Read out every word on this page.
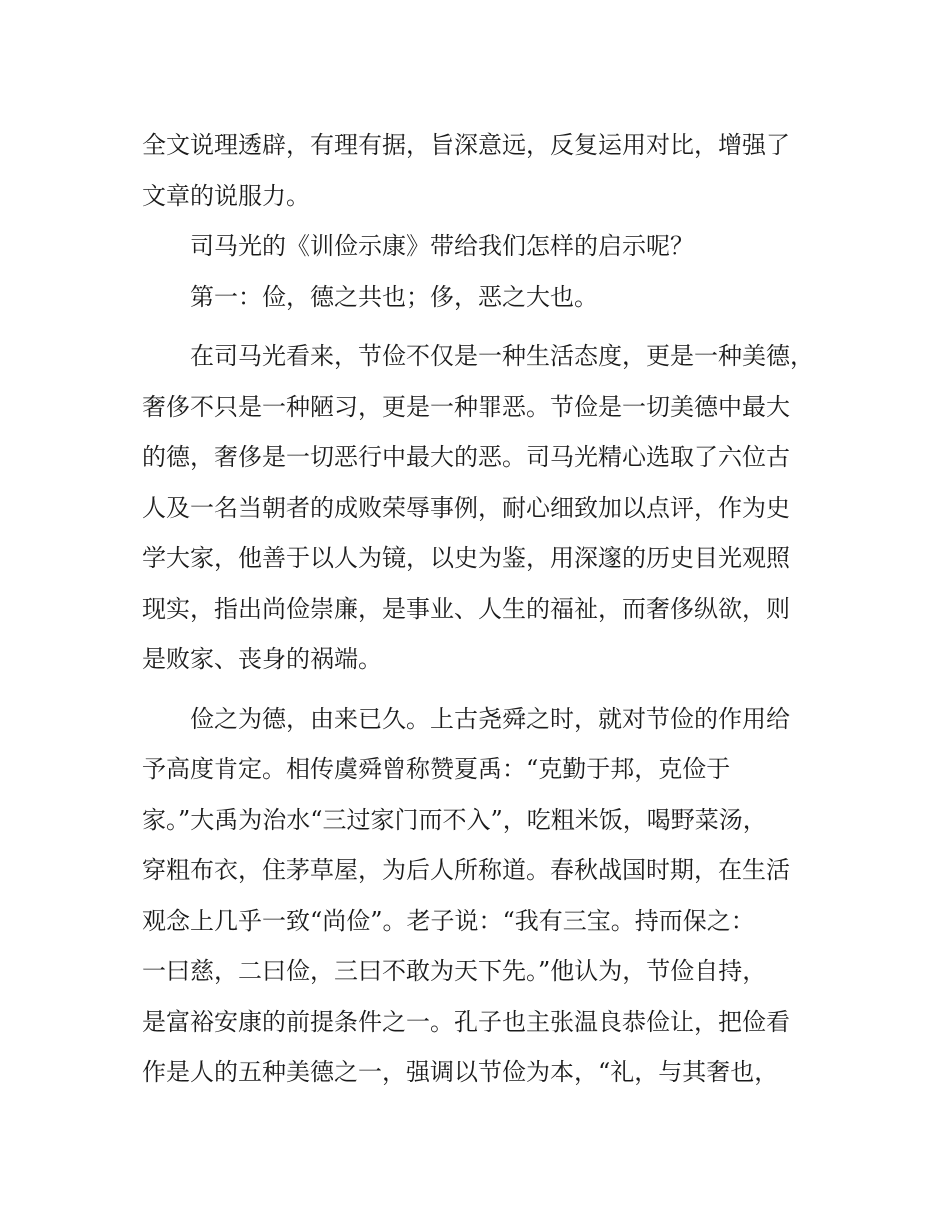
全文说理透辟，有理有据，旨深意远，反复运用对比，增强了
文章的说服力。
司马光的《训俭示康》带给我们怎样的启示呢？
第一：俭，德之共也；侈，恶之大也。
在司马光看来，节俭不仅是一种生活态度，更是一种美德，
奢侈不只是一种陋习，更是一种罪恶。节俭是一切美德中最大
的德，奢侈是一切恶行中最大的恶。司马光精心选取了六位古
人及一名当朝者的成败荣辱事例，耐心细致加以点评，作为史
学大家，他善于以人为镜，以史为鉴，用深邃的历史目光观照
现实，指出尚俭崇廉，是事业、人生的福祉，而奢侈纵欲，则
是败家、丧身的祸端。
俭之为德，由来已久。上古尧舜之时，就对节俭的作用给
予高度肯定。相传虞舜曾称赞夏禹：“克勤于邦，克俭于
家。”大禹为治水“三过家门而不入”，吃粗米饭，喝野菜汤，
穿粗布衣，住茅草屋，为后人所称道。春秋战国时期，在生活
观念上几乎一致“尚俭”。老子说：“我有三宝。持而保之：
一曰慈，二曰俭，三曰不敢为天下先。”他认为，节俭自持，
是富裕安康的前提条件之一。孔子也主张温良恭俭让，把俭看
作是人的五种美德之一，强调以节俭为本，“礼，与其奢也，
